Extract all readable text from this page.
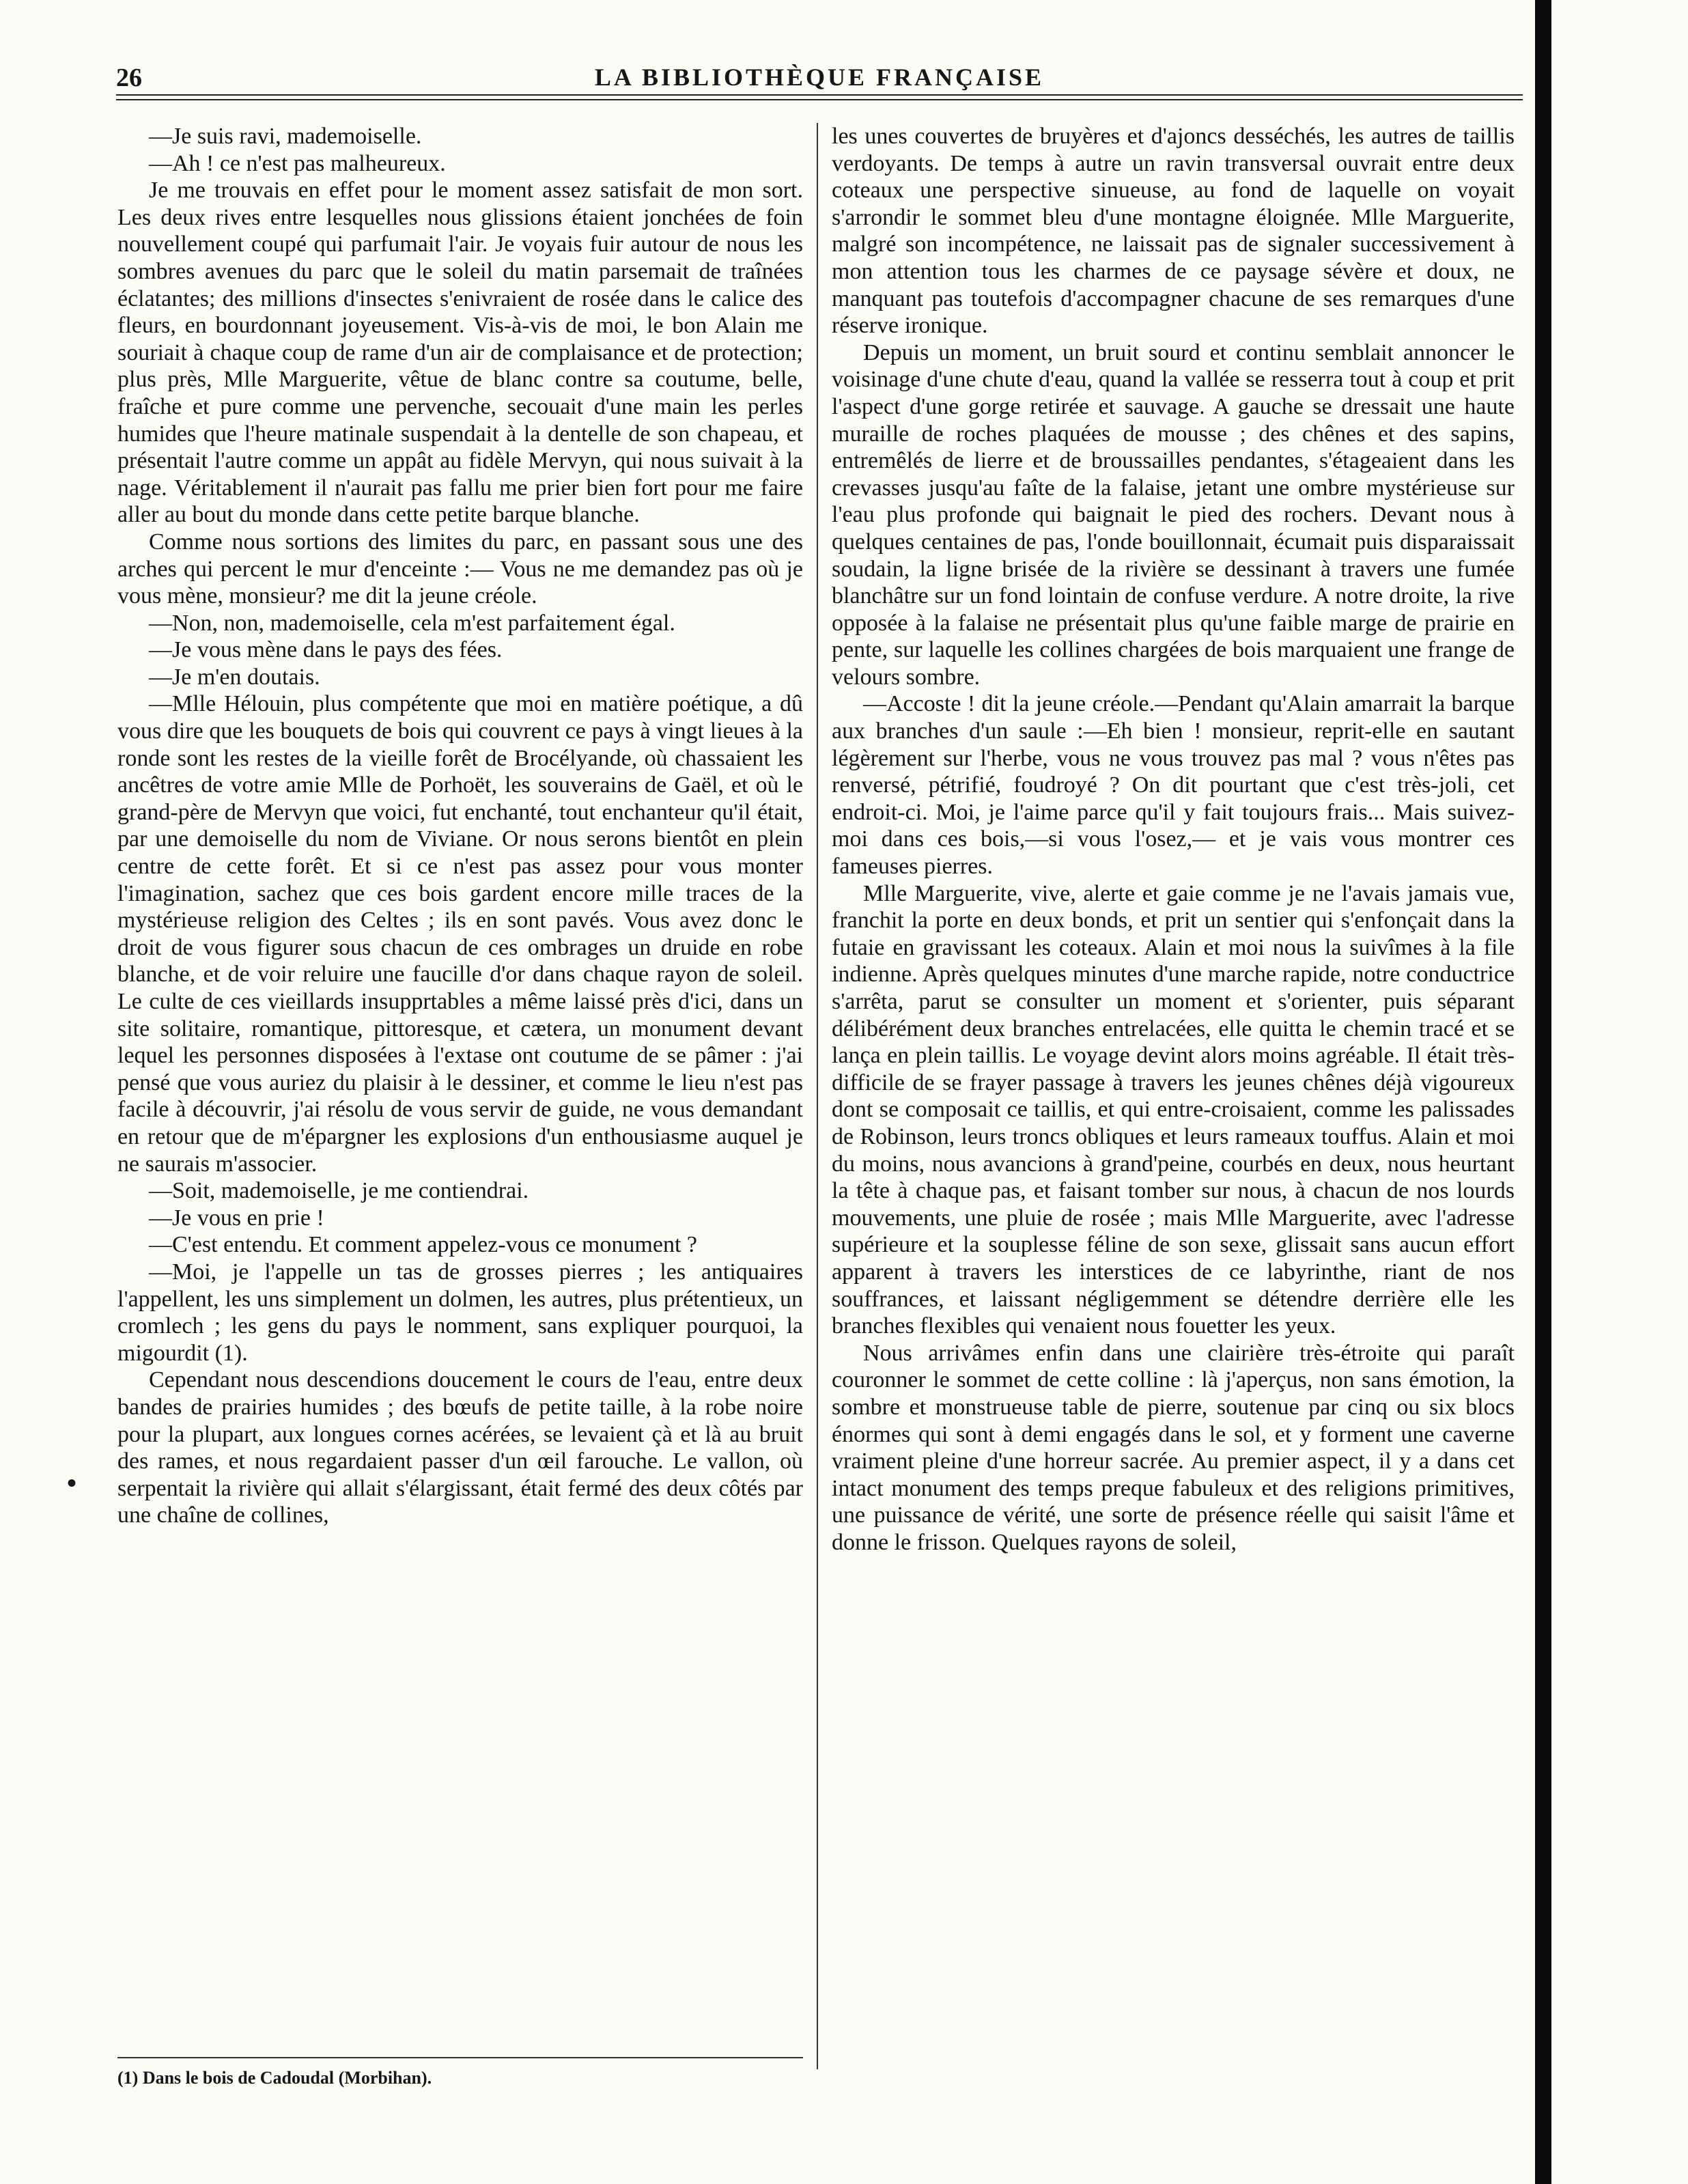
26	LA BIBLIOTHÈQUE FRANÇAISE

—Je suis ravi, mademoiselle.

—Ah ! ce n'est pas malheureux.

Je me trouvais en effet pour le moment assez satisfait de mon sort. Les deux rives entre lesquelles nous glissions étaient jonchées de foin nouvellement coupé qui parfumait l'air. Je voyais fuir autour de nous les sombres avenues du parc que le soleil du matin parsemait de traînées éclatantes; des millions d'insectes s'enivraient de rosée dans le calice des fleurs, en bourdonnant joyeusement. Vis-à-vis de moi, le bon Alain me souriait à chaque coup de rame d'un air de complaisance et de protection; plus près, Mlle Marguerite, vêtue de blanc contre sa coutume, belle, fraîche et pure comme une pervenche, secouait d'une main les perles humides que l'heure matinale suspendait à la dentelle de son chapeau, et présentait l'autre comme un appât au fidèle Mervyn, qui nous suivait à la nage. Véritablement il n'aurait pas fallu me prier bien fort pour me faire aller au bout du monde dans cette petite barque blanche.

Comme nous sortions des limites du parc, en passant sous une des arches qui percent le mur d'enceinte :— Vous ne me demandez pas où je vous mène, monsieur? me dit la jeune créole.

—Non, non, mademoiselle, cela m'est parfaitement égal.

—Je vous mène dans le pays des fées.

—Je m'en doutais.

—Mlle Hélouin, plus compétente que moi en matière poétique, a dû vous dire que les bouquets de bois qui couvrent ce pays à vingt lieues à la ronde sont les restes de la vieille forêt de Brocélyande, où chassaient les ancêtres de votre amie Mlle de Porhoët, les souverains de Gaël, et où le grand-père de Mervyn que voici, fut enchanté, tout enchanteur qu'il était, par une demoiselle du nom de Viviane. Or nous serons bientôt en plein centre de cette forêt. Et si ce n'est pas assez pour vous monter l'imagination, sachez que ces bois gardent encore mille traces de la mystérieuse religion des Celtes ; ils en sont pavés. Vous avez donc le droit de vous figurer sous chacun de ces ombrages un druide en robe blanche, et de voir reluire une faucille d'or dans chaque rayon de soleil. Le culte de ces vieillards insupprtables a même laissé près d'ici, dans un site solitaire, romantique, pittoresque, et cætera, un monument devant lequel les personnes disposées à l'extase ont coutume de se pâmer : j'ai pensé que vous auriez du plaisir à le dessiner, et comme le lieu n'est pas facile à découvrir, j'ai résolu de vous servir de guide, ne vous demandant en retour que de m'épargner les explosions d'un enthousiasme auquel je ne saurais m'associer.

—Soit, mademoiselle, je me contiendrai.

—Je vous en prie !

—C'est entendu. Et comment appelez-vous ce monument ?

—Moi, je l'appelle un tas de grosses pierres ; les antiquaires l'appellent, les uns simplement un dolmen, les autres, plus prétentieux, un cromlech ; les gens du pays le nomment, sans expliquer pourquoi, la migourdit (1).

Cependant nous descendions doucement le cours de l'eau, entre deux bandes de prairies humides ; des bœufs de petite taille, à la robe noire pour la plupart, aux longues cornes acérées, se levaient çà et là au bruit des rames, et nous regardaient passer d'un œil farouche. Le vallon, où serpentait la rivière qui allait s'élargissant, était fermé des deux côtés par une chaîne de collines,

les unes couvertes de bruyères et d'ajoncs desséchés, les autres de taillis verdoyants. De temps à autre un ravin transversal ouvrait entre deux coteaux une perspective sinueuse, au fond de laquelle on voyait s'arrondir le sommet bleu d'une montagne éloignée. Mlle Marguerite, malgré son incompétence, ne laissait pas de signaler successivement à mon attention tous les charmes de ce paysage sévère et doux, ne manquant pas toutefois d'accompagner chacune de ses remarques d'une réserve ironique.

Depuis un moment, un bruit sourd et continu semblait annoncer le voisinage d'une chute d'eau, quand la vallée se resserra tout à coup et prit l'aspect d'une gorge retirée et sauvage. A gauche se dressait une haute muraille de roches plaquées de mousse ; des chênes et des sapins, entremêlés de lierre et de broussailles pendantes, s'étageaient dans les crevasses jusqu'au faîte de la falaise, jetant une ombre mystérieuse sur l'eau plus profonde qui baignait le pied des rochers. Devant nous à quelques centaines de pas, l'onde bouillonnait, écumait puis disparaissait soudain, la ligne brisée de la rivière se dessinant à travers une fumée blanchâtre sur un fond lointain de confuse verdure. A notre droite, la rive opposée à la falaise ne présentait plus qu'une faible marge de prairie en pente, sur laquelle les collines chargées de bois marquaient une frange de velours sombre.

—Accoste ! dit la jeune créole.—Pendant qu'Alain amarrait la barque aux branches d'un saule :—Eh bien ! monsieur, reprit-elle en sautant légèrement sur l'herbe, vous ne vous trouvez pas mal ? vous n'êtes pas renversé, pétrifié, foudroyé ? On dit pourtant que c'est très-joli, cet endroit-ci. Moi, je l'aime parce qu'il y fait toujours frais... Mais suivez-moi dans ces bois,—si vous l'osez,— et je vais vous montrer ces fameuses pierres.

Mlle Marguerite, vive, alerte et gaie comme je ne l'avais jamais vue, franchit la porte en deux bonds, et prit un sentier qui s'enfonçait dans la futaie en gravissant les coteaux. Alain et moi nous la suivîmes à la file indienne. Après quelques minutes d'une marche rapide, notre conductrice s'arrêta, parut se consulter un moment et s'orienter, puis séparant délibérément deux branches entrelacées, elle quitta le chemin tracé et se lança en plein taillis. Le voyage devint alors moins agréable. Il était très-difficile de se frayer passage à travers les jeunes chênes déjà vigoureux dont se composait ce taillis, et qui entre-croisaient, comme les palissades de Robinson, leurs troncs obliques et leurs rameaux touffus. Alain et moi du moins, nous avancions à grand'peine, courbés en deux, nous heurtant la tête à chaque pas, et faisant tomber sur nous, à chacun de nos lourds mouvements, une pluie de rosée ; mais Mlle Marguerite, avec l'adresse supérieure et la souplesse féline de son sexe, glissait sans aucun effort apparent à travers les interstices de ce labyrinthe, riant de nos souffrances, et laissant négligemment se détendre derrière elle les branches flexibles qui venaient nous fouetter les yeux.

Nous arrivâmes enfin dans une clairière très-étroite qui paraît couronner le sommet de cette colline : là j'aperçus, non sans émotion, la sombre et monstrueuse table de pierre, soutenue par cinq ou six blocs énormes qui sont à demi engagés dans le sol, et y forment une caverne vraiment pleine d'une horreur sacrée. Au premier aspect, il y a dans cet intact monument des temps preque fabuleux et des religions primitives, une puissance de vérité, une sorte de présence réelle qui saisit l'âme et donne le frisson. Quelques rayons de soleil,

(1) Dans le bois de Cadoudal (Morbihan).
•
